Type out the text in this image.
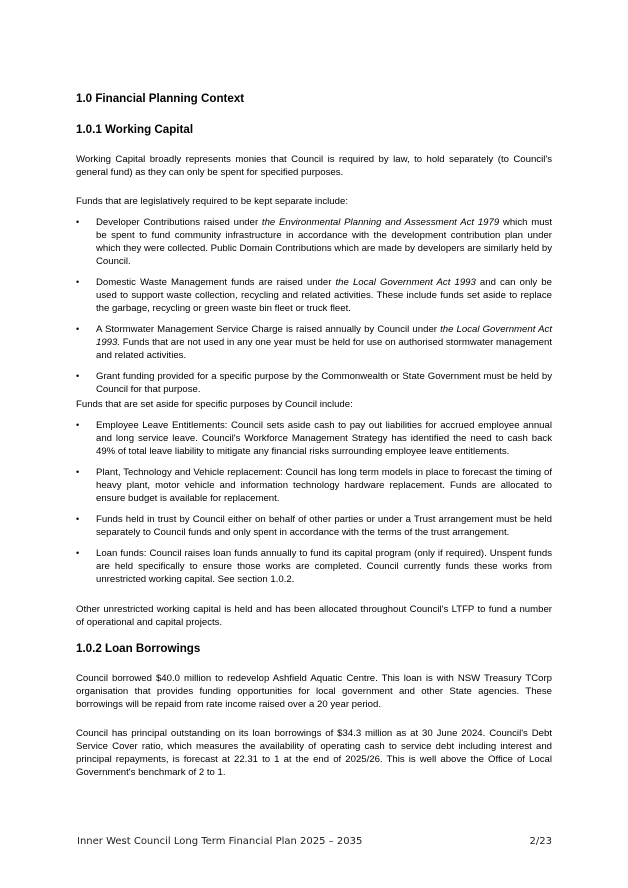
1.0 Financial Planning Context
1.0.1 Working Capital

Working Capital broadly represents monies that Council is required by law, to hold separately (to Council's general fund) as they can only be spent for specified purposes.

Funds that are legislatively required to be kept separate include:

• Developer Contributions raised under the Environmental Planning and Assessment Act 1979 which must be spent to fund community infrastructure in accordance with the development contribution plan under which they were collected. Public Domain Contributions which are made by developers are similarly held by Council.
• Domestic Waste Management funds are raised under the Local Government Act 1993 and can only be used to support waste collection, recycling and related activities. These include funds set aside to replace the garbage, recycling or green waste bin fleet or truck fleet.
• A Stormwater Management Service Charge is raised annually by Council under the Local Government Act 1993. Funds that are not used in any one year must be held for use on authorised stormwater management and related activities.
• Grant funding provided for a specific purpose by the Commonwealth or State Government must be held by Council for that purpose.

Funds that are set aside for specific purposes by Council include:

• Employee Leave Entitlements: Council sets aside cash to pay out liabilities for accrued employee annual and long service leave. Council's Workforce Management Strategy has identified the need to cash back 49% of total leave liability to mitigate any financial risks surrounding employee leave entitlements.
• Plant, Technology and Vehicle replacement: Council has long term models in place to forecast the timing of heavy plant, motor vehicle and information technology hardware replacement. Funds are allocated to ensure budget is available for replacement.
• Funds held in trust by Council either on behalf of other parties or under a Trust arrangement must be held separately to Council funds and only spent in accordance with the terms of the trust arrangement.
• Loan funds: Council raises loan funds annually to fund its capital program (only if required). Unspent funds are held specifically to ensure those works are completed. Council currently funds these works from unrestricted working capital. See section 1.0.2.

Other unrestricted working capital is held and has been allocated throughout Council's LTFP to fund a number of operational and capital projects.

1.0.2 Loan Borrowings

Council borrowed $40.0 million to redevelop Ashfield Aquatic Centre. This loan is with NSW Treasury TCorp organisation that provides funding opportunities for local government and other State agencies. These borrowings will be repaid from rate income raised over a 20 year period.

Council has principal outstanding on its loan borrowings of $34.3 million as at 30 June 2024. Council's Debt Service Cover ratio, which measures the availability of operating cash to service debt including interest and principal repayments, is forecast at 22.31 to 1 at the end of 2025/26. This is well above the Office of Local Government's benchmark of 2 to 1.

Inner West Council Long Term Financial Plan 2025 – 2035	2/23
